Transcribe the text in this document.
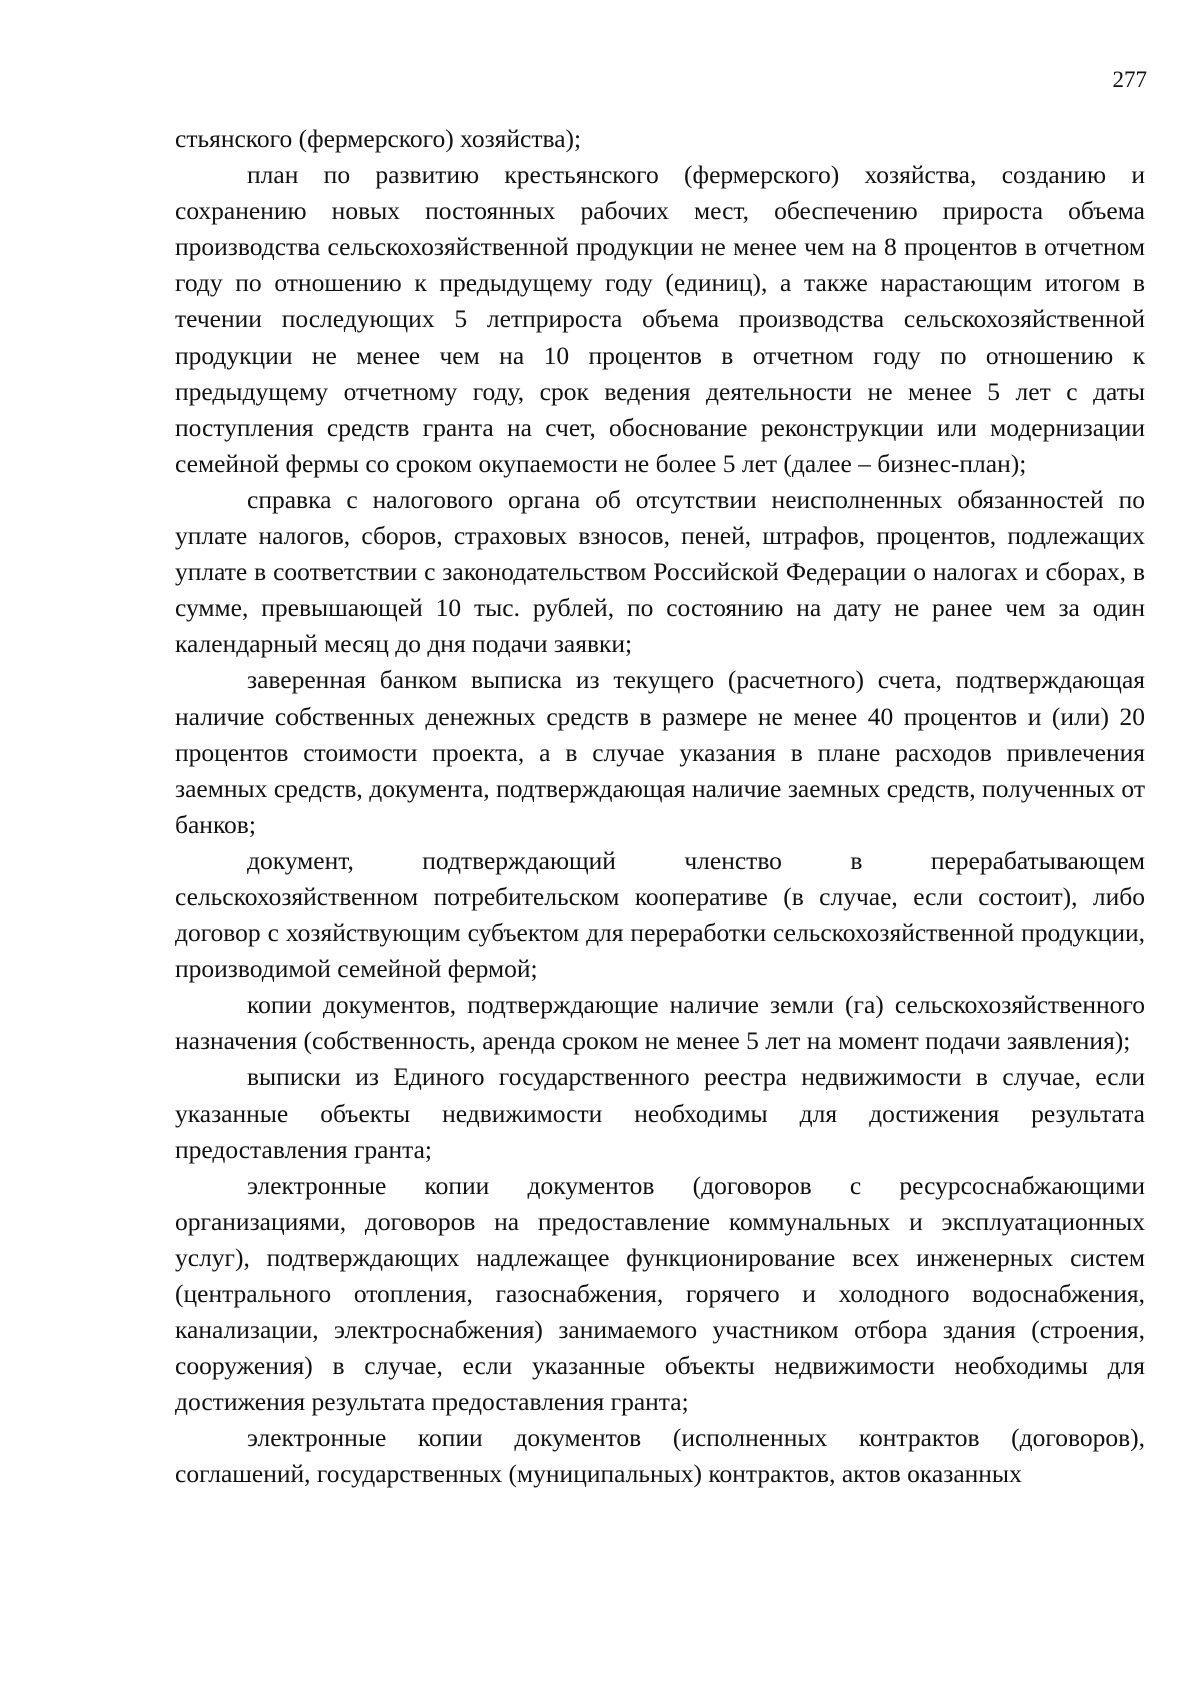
277

стьянского (фермерского) хозяйства);

план по развитию крестьянского (фермерского) хозяйства, созданию и сохранению новых постоянных рабочих мест, обеспечению прироста объема производства сельскохозяйственной продукции не менее чем на 8 процентов в отчетном году по отношению к предыдущему году (единиц), а также нарастающим итогом в течении последующих 5 летприроста объема производства сельскохозяйственной продукции не менее чем на 10 процентов в отчетном году по отношению к предыдущему отчетному году, срок ведения деятельности не менее 5 лет с даты поступления средств гранта на счет, обоснование реконструкции или модернизации семейной фермы со сроком окупаемости не более 5 лет (далее – бизнес-план);

справка с налогового органа об отсутствии неисполненных обязанностей по уплате налогов, сборов, страховых взносов, пеней, штрафов, процентов, подлежащих уплате в соответствии с законодательством Российской Федерации о налогах и сборах, в сумме, превышающей 10 тыс. рублей, по состоянию на дату не ранее чем за один календарный месяц до дня подачи заявки;

заверенная банком выписка из текущего (расчетного) счета, подтверждающая наличие собственных денежных средств в размере не менее 40 процентов и (или) 20 процентов стоимости проекта, а в случае указания в плане расходов привлечения заемных средств, документа, подтверждающая наличие заемных средств, полученных от банков;

документ, подтверждающий членство в перерабатывающем сельскохозяйственном потребительском кооперативе (в случае, если состоит), либо договор с хозяйствующим субъектом для переработки сельскохозяйственной продукции, производимой семейной фермой;

копии документов, подтверждающие наличие земли (га) сельскохозяйственного назначения (собственность, аренда сроком не менее 5 лет на момент подачи заявления);

выписки из Единого государственного реестра недвижимости в случае, если указанные объекты недвижимости необходимы для достижения результата предоставления гранта;

электронные копии документов (договоров с ресурсоснабжающими организациями, договоров на предоставление коммунальных и эксплуатационных услуг), подтверждающих надлежащее функционирование всех инженерных систем (центрального отопления, газоснабжения, горячего и холодного водоснабжения, канализации, электроснабжения) занимаемого участником отбора здания (строения, сооружения) в случае, если указанные объекты недвижимости необходимы для достижения результата предоставления гранта;

электронные копии документов (исполненных контрактов (договоров), соглашений, государственных (муниципальных) контрактов, актов оказанных
